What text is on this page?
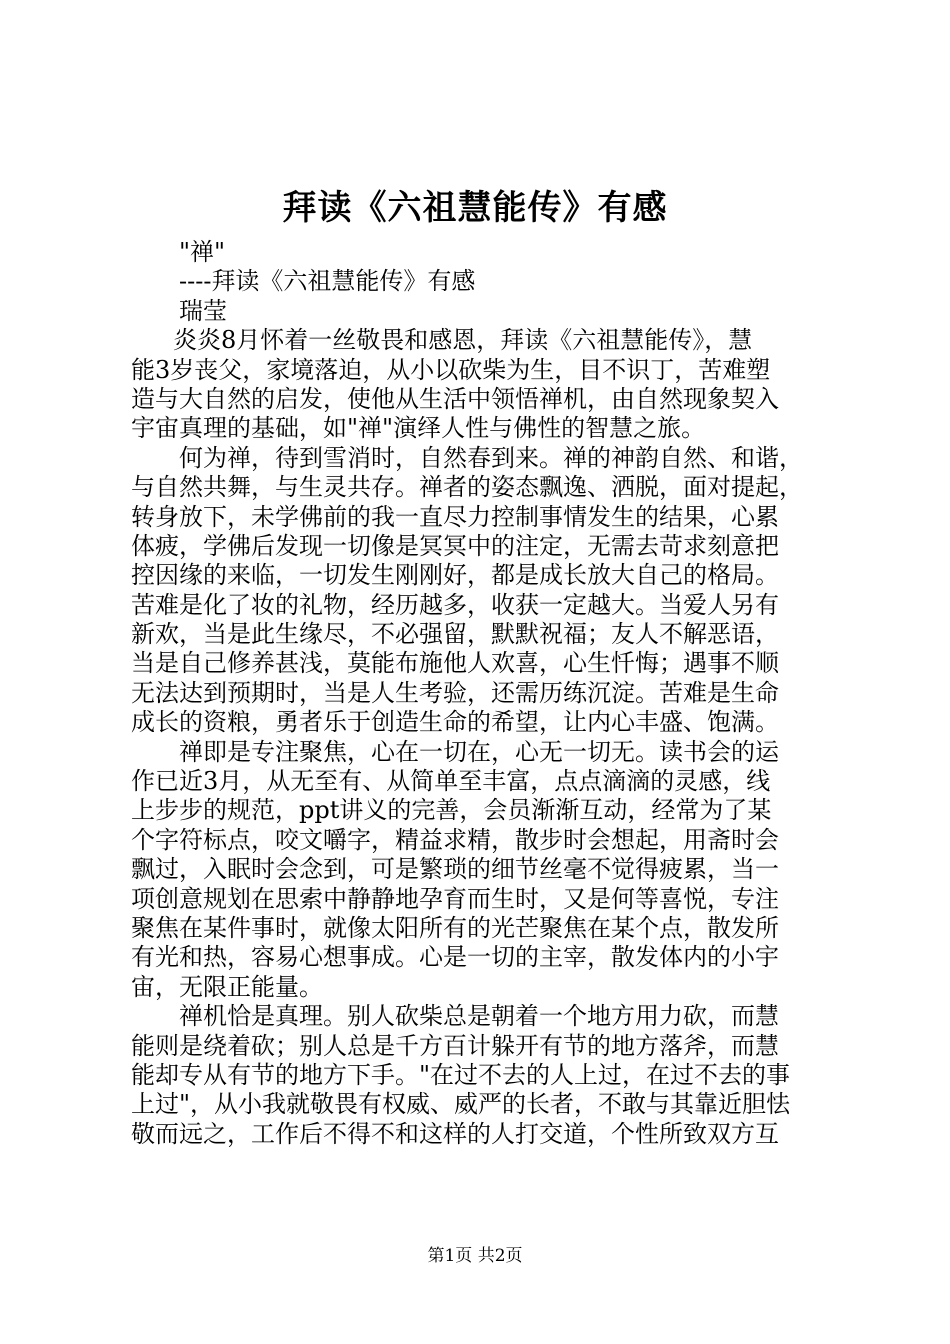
拜读《六祖慧能传》有感
"禅"
----拜读《六祖慧能传》有感
瑞莹
炎炎8月怀着一丝敬畏和感恩，拜读《六祖慧能传》，慧
能3岁丧父，家境落迫，从小以砍柴为生，目不识丁，苦难塑
造与大自然的启发，使他从生活中领悟禅机，由自然现象契入
宇宙真理的基础，如"禅"演绎人性与佛性的智慧之旅。
何为禅，待到雪消时，自然春到来。禅的神韵自然、和谐，
与自然共舞，与生灵共存。禅者的姿态飘逸、洒脱，面对提起，
转身放下，未学佛前的我一直尽力控制事情发生的结果，心累
体疲，学佛后发现一切像是冥冥中的注定，无需去苛求刻意把
控因缘的来临，一切发生刚刚好，都是成长放大自己的格局。
苦难是化了妆的礼物，经历越多，收获一定越大。当爱人另有
新欢，当是此生缘尽，不必强留，默默祝福；友人不解恶语，
当是自己修养甚浅，莫能布施他人欢喜，心生忏悔；遇事不顺
无法达到预期时，当是人生考验，还需历练沉淀。苦难是生命
成长的资粮，勇者乐于创造生命的希望，让内心丰盛、饱满。
禅即是专注聚焦，心在一切在，心无一切无。读书会的运
作已近3月，从无至有、从简单至丰富，点点滴滴的灵感，线
上步步的规范，ppt讲义的完善，会员渐渐互动，经常为了某
个字符标点，咬文嚼字，精益求精，散步时会想起，用斋时会
飘过，入眠时会念到，可是繁琐的细节丝毫不觉得疲累，当一
项创意规划在思索中静静地孕育而生时，又是何等喜悦，专注
聚焦在某件事时，就像太阳所有的光芒聚焦在某个点，散发所
有光和热，容易心想事成。心是一切的主宰，散发体内的小宇
宙，无限正能量。
禅机恰是真理。别人砍柴总是朝着一个地方用力砍，而慧
能则是绕着砍；别人总是千方百计躲开有节的地方落斧，而慧
能却专从有节的地方下手。"在过不去的人上过，在过不去的事
上过"，从小我就敬畏有权威、威严的长者，不敢与其靠近胆怯
敬而远之，工作后不得不和这样的人打交道，个性所致双方互
第1页 共2页
